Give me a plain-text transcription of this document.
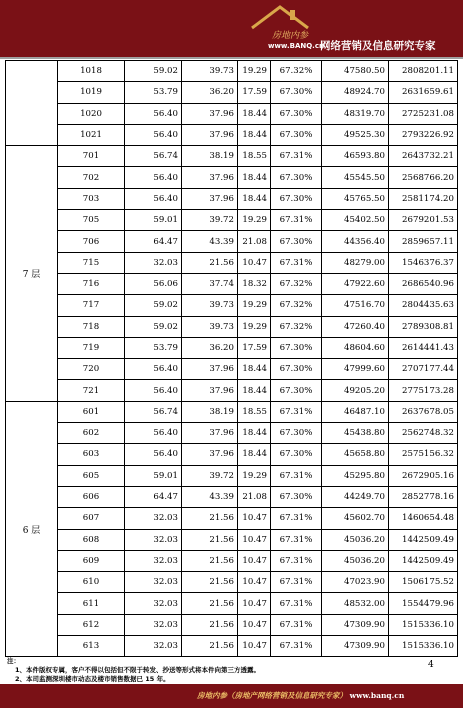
房地内参
www.BANQ.cn
网络营销及信息研究专家
	1018	59.02	39.73	19.29	67.32%	47580.50	2808201.11
	1019	53.79	36.20	17.59	67.30%	48924.70	2631659.61
	1020	56.40	37.96	18.44	67.30%	48319.70	2725231.08
	1021	56.40	37.96	18.44	67.30%	49525.30	2793226.92
7 层	701	56.74	38.19	18.55	67.31%	46593.80	2643732.21
	702	56.40	37.96	18.44	67.30%	45545.50	2568766.20
	703	56.40	37.96	18.44	67.30%	45765.50	2581174.20
	705	59.01	39.72	19.29	67.31%	45402.50	2679201.53
	706	64.47	43.39	21.08	67.30%	44356.40	2859657.11
	715	32.03	21.56	10.47	67.31%	48279.00	1546376.37
	716	56.06	37.74	18.32	67.32%	47922.60	2686540.96
	717	59.02	39.73	19.29	67.32%	47516.70	2804435.63
	718	59.02	39.73	19.29	67.32%	47260.40	2789308.81
	719	53.79	36.20	17.59	67.30%	48604.60	2614441.43
	720	56.40	37.96	18.44	67.30%	47999.60	2707177.44
	721	56.40	37.96	18.44	67.30%	49205.20	2775173.28
6 层	601	56.74	38.19	18.55	67.31%	46487.10	2637678.05
	602	56.40	37.96	18.44	67.30%	45438.80	2562748.32
	603	56.40	37.96	18.44	67.30%	45658.80	2575156.32
	605	59.01	39.72	19.29	67.31%	45295.80	2672905.16
	606	64.47	43.39	21.08	67.30%	44249.70	2852778.16
	607	32.03	21.56	10.47	67.31%	45602.70	1460654.48
	608	32.03	21.56	10.47	67.31%	45036.20	1442509.49
	609	32.03	21.56	10.47	67.31%	45036.20	1442509.49
	610	32.03	21.56	10.47	67.31%	47023.90	1506175.52
	611	32.03	21.56	10.47	67.31%	48532.00	1554479.96
	612	32.03	21.56	10.47	67.31%	47309.90	1515336.10
	613	32.03	21.56	10.47	67.31%	47309.90	1515336.10
注：
1、本件版权专属，客户不得以包括但不限于转发、抄送等形式将本件向第三方透露。
2、本司监测深圳楼市动态及楼市销售数据已 15 年。
4
房地内参（房地产网络营销及信息研究专家） www.banq.cn
